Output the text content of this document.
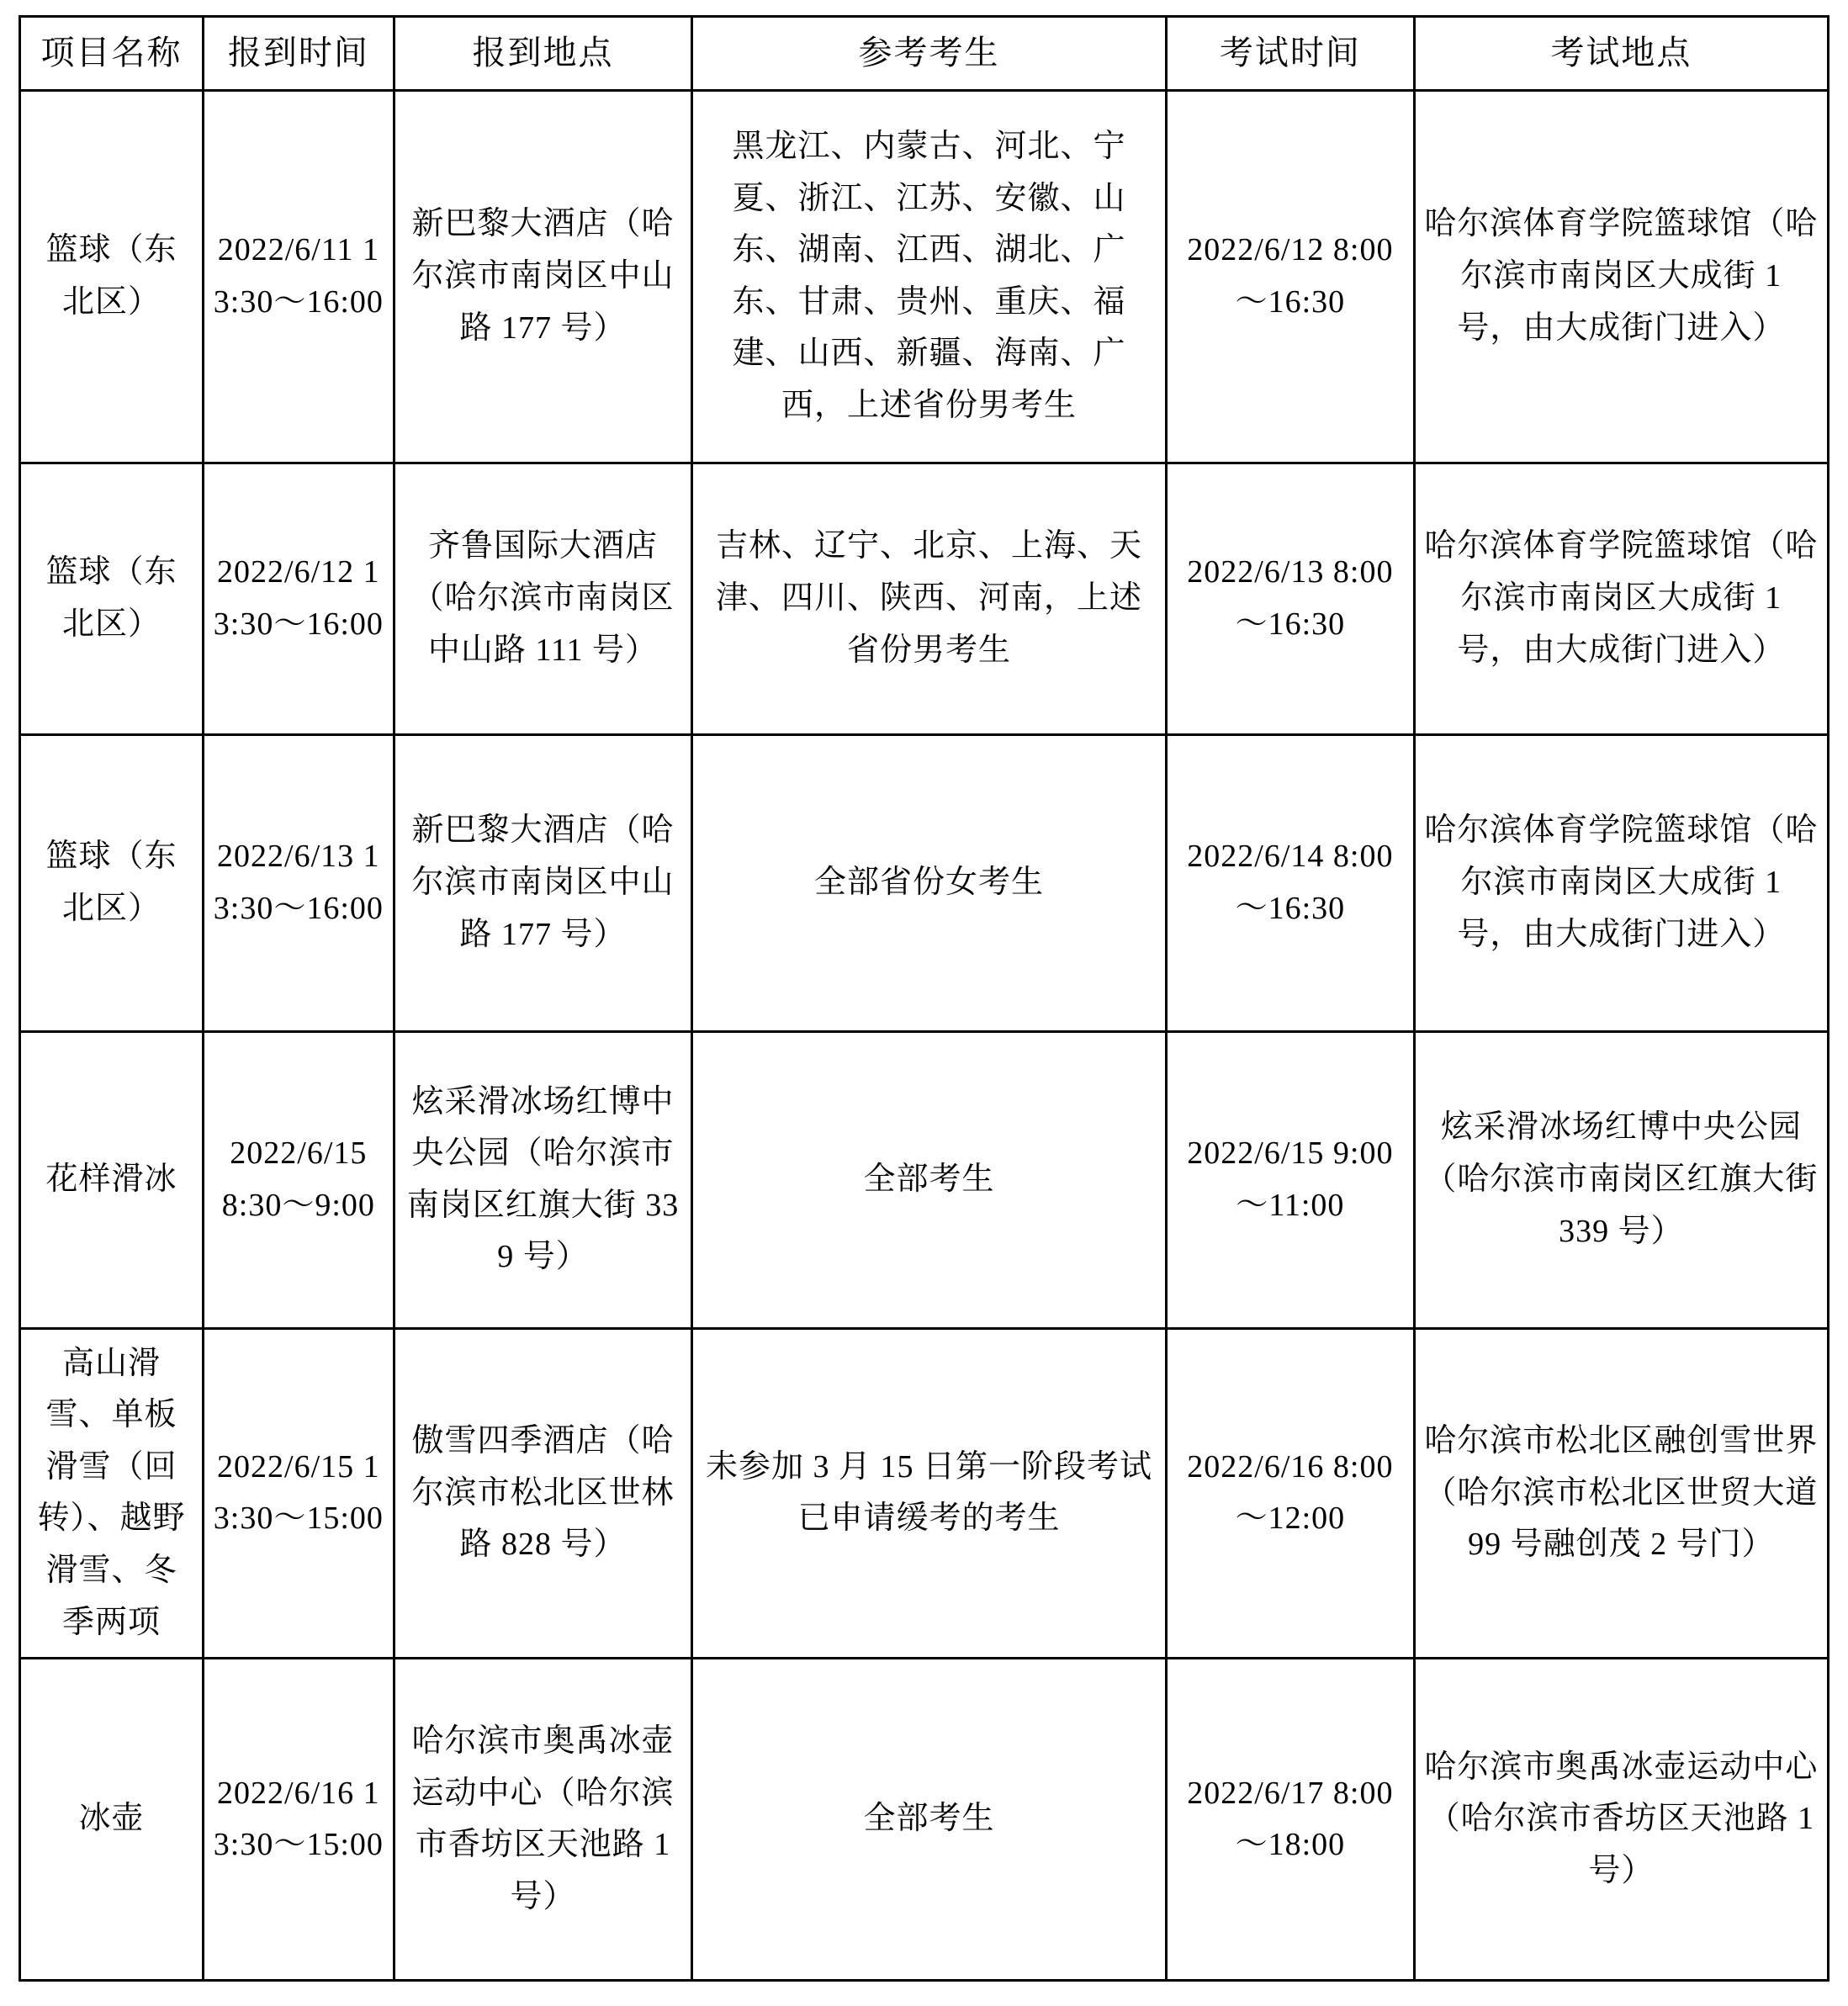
项目名称	报到时间	报到地点	参考考生	考试时间	考试地点
篮球（东北区）	2022/6/11 13:30～16:00	新巴黎大酒店（哈尔滨市南岗区中山路 177 号）	黑龙江、内蒙古、河北、宁夏、浙江、江苏、安徽、山东、湖南、江西、湖北、广东、甘肃、贵州、重庆、福建、山西、新疆、海南、广西，上述省份男考生	2022/6/12 8:00～16:30	哈尔滨体育学院篮球馆（哈尔滨市南岗区大成街 1 号，由大成街门进入）
篮球（东北区）	2022/6/12 13:30～16:00	齐鲁国际大酒店（哈尔滨市南岗区中山路 111 号）	吉林、辽宁、北京、上海、天津、四川、陕西、河南，上述省份男考生	2022/6/13 8:00～16:30	哈尔滨体育学院篮球馆（哈尔滨市南岗区大成街 1 号，由大成街门进入）
篮球（东北区）	2022/6/13 13:30～16:00	新巴黎大酒店（哈尔滨市南岗区中山路 177 号）	全部省份女考生	2022/6/14 8:00～16:30	哈尔滨体育学院篮球馆（哈尔滨市南岗区大成街 1 号，由大成街门进入）
花样滑冰	2022/6/15 8:30～9:00	炫采滑冰场红博中央公园（哈尔滨市南岗区红旗大街 339 号）	全部考生	2022/6/15 9:00～11:00	炫采滑冰场红博中央公园（哈尔滨市南岗区红旗大街 339 号）
高山滑雪、单板滑雪（回转）、越野滑雪、冬季两项	2022/6/15 13:30～15:00	傲雪四季酒店（哈尔滨市松北区世林路 828 号）	未参加 3 月 15 日第一阶段考试已申请缓考的考生	2022/6/16 8:00～12:00	哈尔滨市松北区融创雪世界（哈尔滨市松北区世贸大道 99 号融创茂 2 号门）
冰壶	2022/6/16 13:30～15:00	哈尔滨市奥禹冰壶运动中心（哈尔滨市香坊区天池路 1 号）	全部考生	2022/6/17 8:00～18:00	哈尔滨市奥禹冰壶运动中心（哈尔滨市香坊区天池路 1 号）
